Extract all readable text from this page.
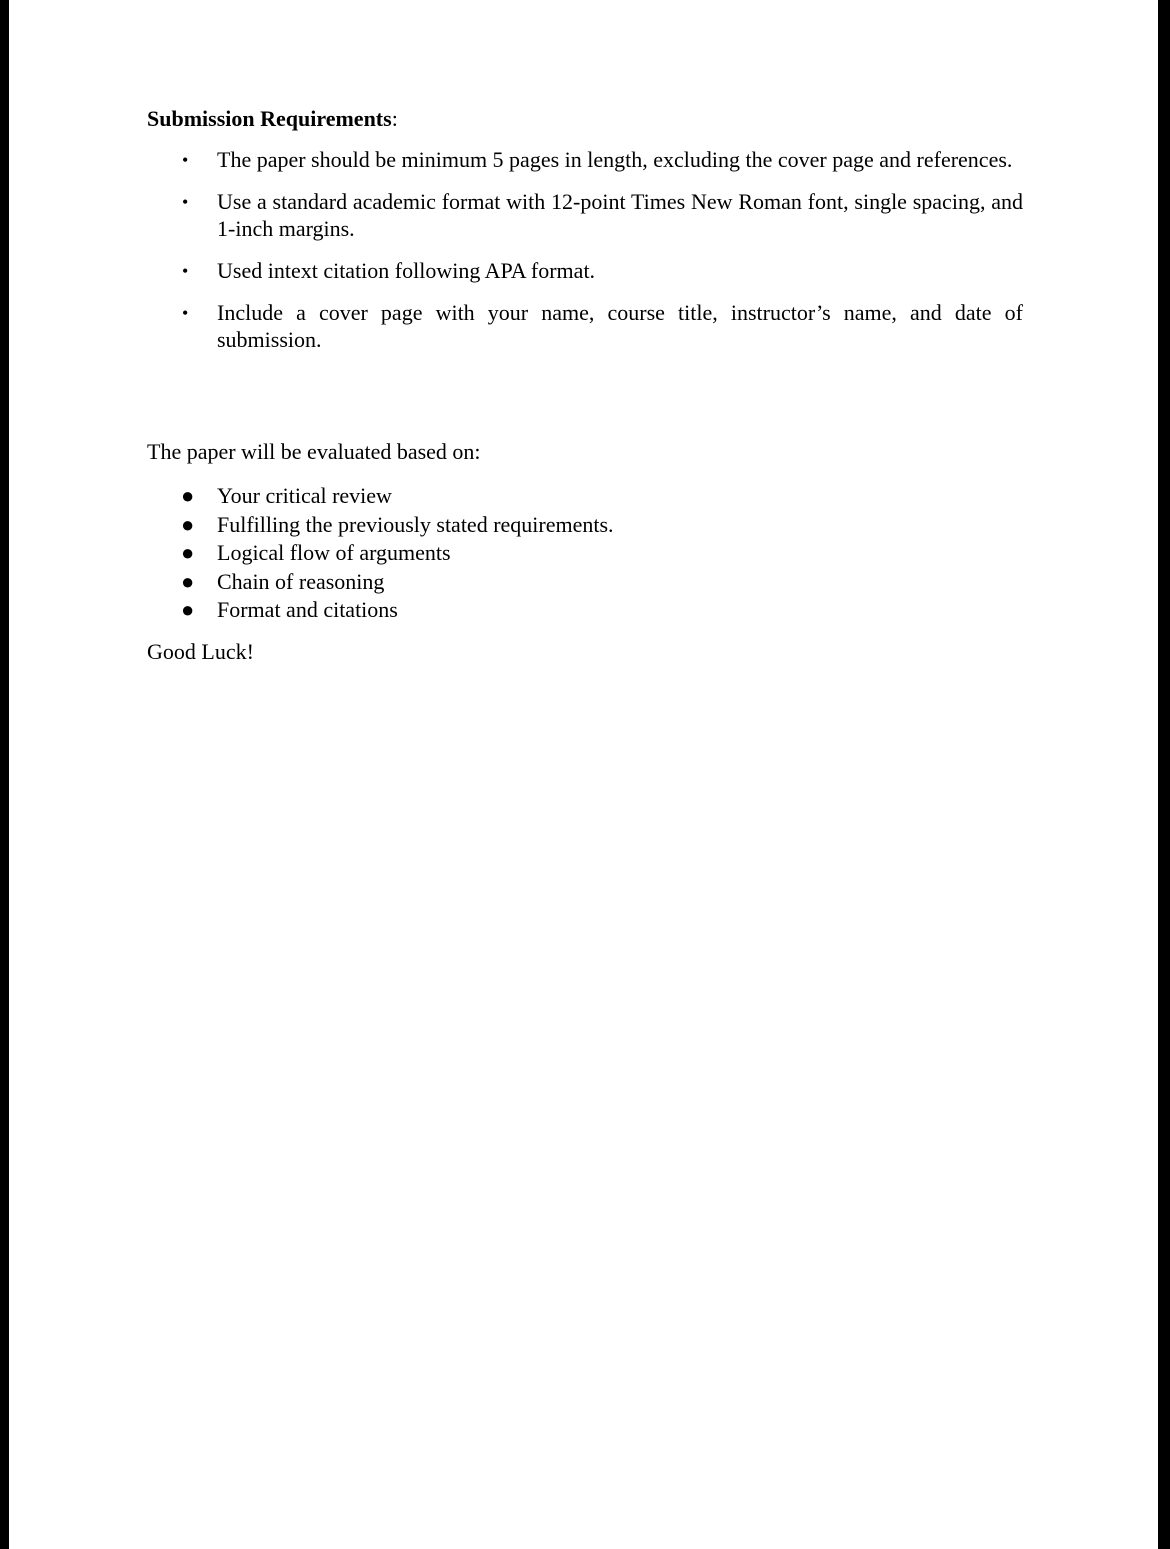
Submission Requirements:

• The paper should be minimum 5 pages in length, excluding the cover page and references.
• Use a standard academic format with 12-point Times New Roman font, single spacing, and 1-inch margins.
• Used intext citation following APA format.
• Include a cover page with your name, course title, instructor’s name, and date of submission.

The paper will be evaluated based on:

● Your critical review
● Fulfilling the previously stated requirements.
● Logical flow of arguments
● Chain of reasoning
● Format and citations

Good Luck!
